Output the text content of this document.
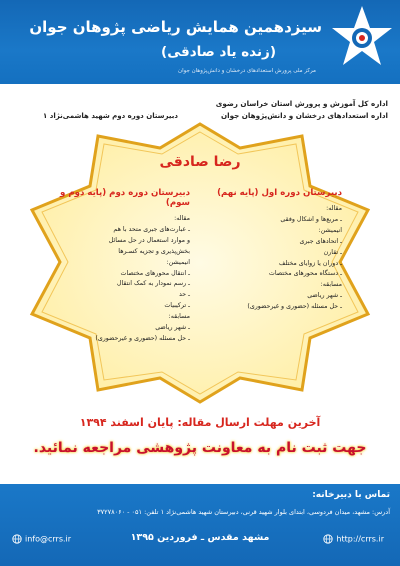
سیزدهمین همایش ریاضی پژوهان جوان
(زنده یاد صادقی)
مرکز ملی پرورش استعدادهای درخشان و دانش‌پژوهان جوان
اداره کل آموزش و پرورش استان خراسان رضوی
اداره استعدادهای درخشان و دانش‌پژوهان جوان
دبیرستان دوره دوم شهید هاشمی‌نژاد ۱
رضا صادقی
دبیرستان دوره اول (پایه نهم)
مقاله:
ـ مربع‌ها و اشکال وفقی
انیمیشن:
ـ اتحادهای جبری
ـ تقارن
ـ دوران یا زوایای مختلف
ـ دستگاه محورهای مختصات
مسابقه:
ـ شهر ریاضی
ـ حل مسئله (حضوری و غیرحضوری)
دبیرستان دوره دوم (پایه دوم و سوم)
مقاله:
ـ عبارت‌های جبری متحد با هم
و موارد استعمال در حل مسائل
بخش‌پذیری و تجزیه کسـرها
انیمیشن:
ـ انتقال محورهای مختصات
ـ رسم نمودار به کمک انتقال
ـ حد
ـ ترکیبیات
مسابقه:
ـ شهر ریاضی
ـ حل مسئله (حضوری و غیرحضوری)
آخرین مهلت ارسال مقاله: پایان اسفند ۱۳۹۴
جهت ثبت نام به معاونت پژوهشی مراجعه نمائید.
تماس با دبیرخانه:
آدرس: مشهد، میدان فردوسی، ابتدای بلوار شهید قرنی، دبیرستان شهید هاشمی‌نژاد ۱ تلفن: ۰۵۱ - ۳۷۲۷۸۰۶۰
مشهد مقدس ـ فروردین ۱۳۹۵	http://crrs.ir
info@crrs.ir
